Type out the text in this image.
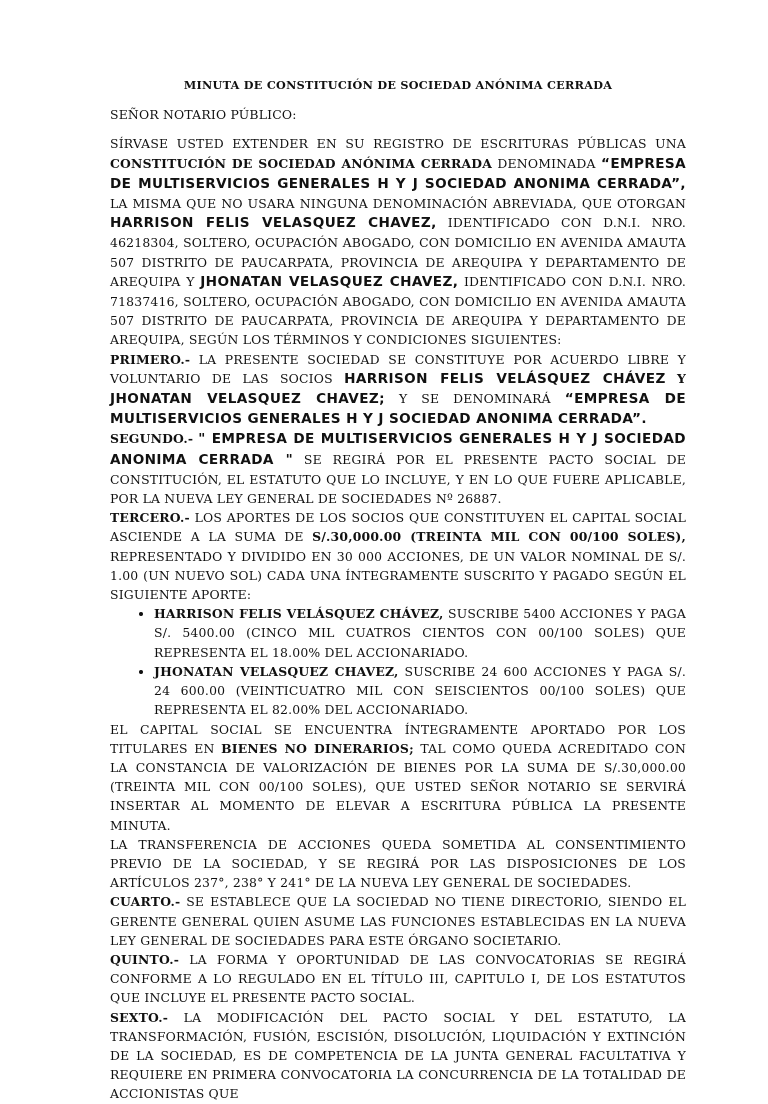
MINUTA DE CONSTITUCIÓN DE SOCIEDAD ANÓNIMA CERRADA

SEÑOR NOTARIO PÚBLICO:

SÍRVASE USTED EXTENDER EN SU REGISTRO DE ESCRITURAS PÚBLICAS UNA CONSTITUCIÓN DE SOCIEDAD ANÓNIMA CERRADA DENOMINADA “EMPRESA DE MULTISERVICIOS GENERALES H Y J SOCIEDAD ANONIMA CERRADA”, LA MISMA QUE NO USARA NINGUNA DENOMINACIÓN ABREVIADA, QUE OTORGAN HARRISON FELIS VELASQUEZ CHAVEZ, IDENTIFICADO CON D.N.I. NRO. 46218304, SOLTERO, OCUPACIÓN ABOGADO, CON DOMICILIO EN AVENIDA AMAUTA 507 DISTRITO DE PAUCARPATA, PROVINCIA DE AREQUIPA Y DEPARTAMENTO DE AREQUIPA Y JHONATAN VELASQUEZ CHAVEZ, IDENTIFICADO CON D.N.I. NRO. 71837416, SOLTERO, OCUPACIÓN ABOGADO, CON DOMICILIO EN AVENIDA AMAUTA 507 DISTRITO DE PAUCARPATA, PROVINCIA DE AREQUIPA Y DEPARTAMENTO DE AREQUIPA, SEGÚN LOS TÉRMINOS Y CONDICIONES SIGUIENTES:

PRIMERO.- LA PRESENTE SOCIEDAD SE CONSTITUYE POR ACUERDO LIBRE Y VOLUNTARIO DE LAS SOCIOS HARRISON FELIS VELÁSQUEZ CHÁVEZ Y JHONATAN VELASQUEZ CHAVEZ; Y SE DENOMINARÁ “EMPRESA DE MULTISERVICIOS GENERALES H Y J SOCIEDAD ANONIMA CERRADA”.

SEGUNDO.- " EMPRESA DE MULTISERVICIOS GENERALES H Y J SOCIEDAD ANONIMA CERRADA " SE REGIRÁ POR EL PRESENTE PACTO SOCIAL DE CONSTITUCIÓN, EL ESTATUTO QUE LO INCLUYE, Y EN LO QUE FUERE APLICABLE, POR LA NUEVA LEY GENERAL DE SOCIEDADES Nº 26887.

TERCERO.- LOS APORTES DE LOS SOCIOS QUE CONSTITUYEN EL CAPITAL SOCIAL ASCIENDE A LA SUMA DE S/.30,000.00 (TREINTA MIL CON 00/100 SOLES), REPRESENTADO Y DIVIDIDO EN 30 000 ACCIONES, DE UN VALOR NOMINAL DE S/. 1.00 (UN NUEVO SOL) CADA UNA ÍNTEGRAMENTE SUSCRITO Y PAGADO SEGÚN EL SIGUIENTE APORTE:

• HARRISON FELIS VELÁSQUEZ CHÁVEZ, SUSCRIBE 5400 ACCIONES Y PAGA S/. 5400.00 (CINCO MIL CUATROS CIENTOS CON 00/100 SOLES) QUE REPRESENTA EL 18.00% DEL ACCIONARIADO.
• JHONATAN VELASQUEZ CHAVEZ, SUSCRIBE 24 600 ACCIONES Y PAGA S/. 24 600.00 (VEINTICUATRO MIL CON SEISCIENTOS 00/100 SOLES) QUE REPRESENTA EL 82.00% DEL ACCIONARIADO.

EL CAPITAL SOCIAL SE ENCUENTRA ÍNTEGRAMENTE APORTADO POR LOS TITULARES EN BIENES NO DINERARIOS; TAL COMO QUEDA ACREDITADO CON LA CONSTANCIA DE VALORIZACIÓN DE BIENES POR LA SUMA DE S/.30,000.00 (TREINTA MIL CON 00/100 SOLES), QUE USTED SEÑOR NOTARIO SE SERVIRÁ INSERTAR AL MOMENTO DE ELEVAR A ESCRITURA PÚBLICA LA PRESENTE MINUTA.

LA TRANSFERENCIA DE ACCIONES QUEDA SOMETIDA AL CONSENTIMIENTO PREVIO DE LA SOCIEDAD, Y SE REGIRÁ POR LAS DISPOSICIONES DE LOS ARTÍCULOS 237°, 238° Y 241° DE LA NUEVA LEY GENERAL DE SOCIEDADES.

CUARTO.- SE ESTABLECE QUE LA SOCIEDAD NO TIENE DIRECTORIO, SIENDO EL GERENTE GENERAL QUIEN ASUME LAS FUNCIONES ESTABLECIDAS EN LA NUEVA LEY GENERAL DE SOCIEDADES PARA ESTE ÓRGANO SOCIETARIO.

QUINTO.- LA FORMA Y OPORTUNIDAD DE LAS CONVOCATORIAS SE REGIRÁ CONFORME A LO REGULADO EN EL TÍTULO III, CAPITULO I, DE LOS ESTATUTOS QUE INCLUYE EL PRESENTE PACTO SOCIAL.

SEXTO.- LA MODIFICACIÓN DEL PACTO SOCIAL Y DEL ESTATUTO, LA TRANSFORMACIÓN, FUSIÓN, ESCISIÓN, DISOLUCIÓN, LIQUIDACIÓN Y EXTINCIÓN DE LA SOCIEDAD, ES DE COMPETENCIA DE LA JUNTA GENERAL FACULTATIVA Y REQUIERE EN PRIMERA CONVOCATORIA LA CONCURRENCIA DE LA TOTALIDAD DE ACCIONISTAS QUE
